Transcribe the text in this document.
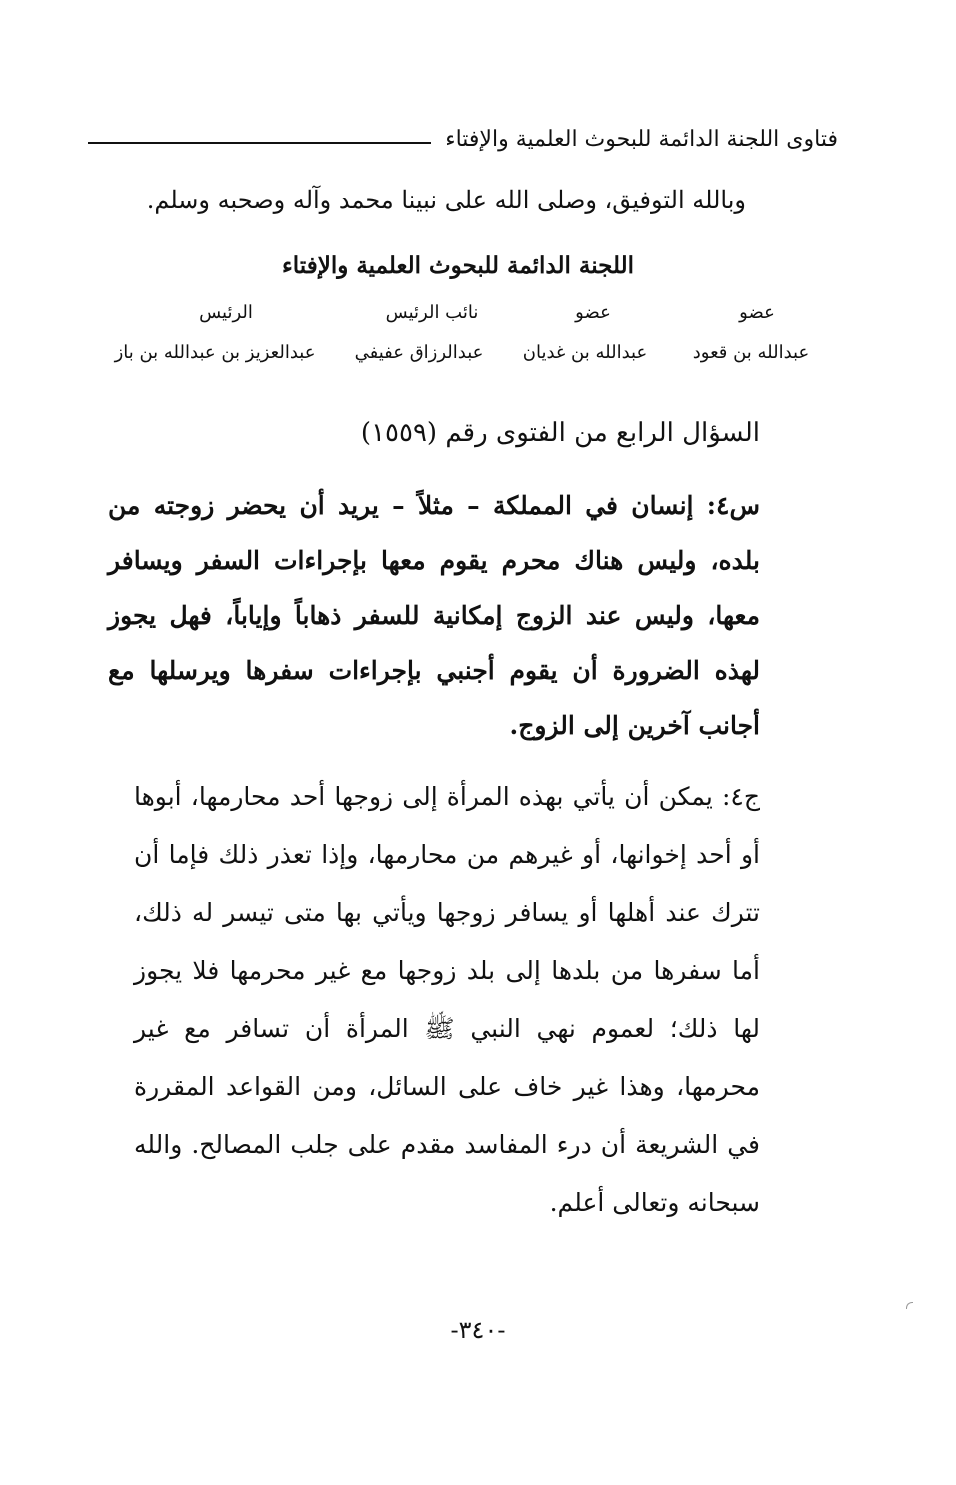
فتاوى اللجنة الدائمة للبحوث العلمية والإفتاء
وبالله التوفيق، وصلى الله على نبينا محمد وآله وصحبه وسلم.
اللجنة الدائمة للبحوث العلمية والإفتاء
عضو
عضو
نائب الرئيس
الرئيس
عبدالله بن قعود
عبدالله بن غديان
عبدالرزاق عفيفي
عبدالعزيز بن عبدالله بن باز
السؤال الرابع من الفتوى رقم (١٥٥٩)
س٤: إنسان في المملكة – مثلاً – يريد أن يحضر زوجته من بلده، وليس هناك محرم يقوم معها بإجراءات السفر ويسافر معها، وليس عند الزوج إمكانية للسفر ذهاباً وإياباً، فهل يجوز لهذه الضرورة أن يقوم أجنبي بإجراءات سفرها ويرسلها مع أجانب آخرين إلى الزوج.
ج٤: يمكن أن يأتي بهذه المرأة إلى زوجها أحد محارمها، أبوها أو أحد إخوانها، أو غيرهم من محارمها، وإذا تعذر ذلك فإما أن تترك عند أهلها أو يسافر زوجها ويأتي بها متى تيسر له ذلك، أما سفرها من بلدها إلى بلد زوجها مع غير محرمها فلا يجوز لها ذلك؛ لعموم نهي النبي ﷺ المرأة أن تسافر مع غير محرمها، وهذا غير خاف على السائل، ومن القواعد المقررة في الشريعة أن درء المفاسد مقدم على جلب المصالح. والله سبحانه وتعالى أعلم.
-٣٤٠-
